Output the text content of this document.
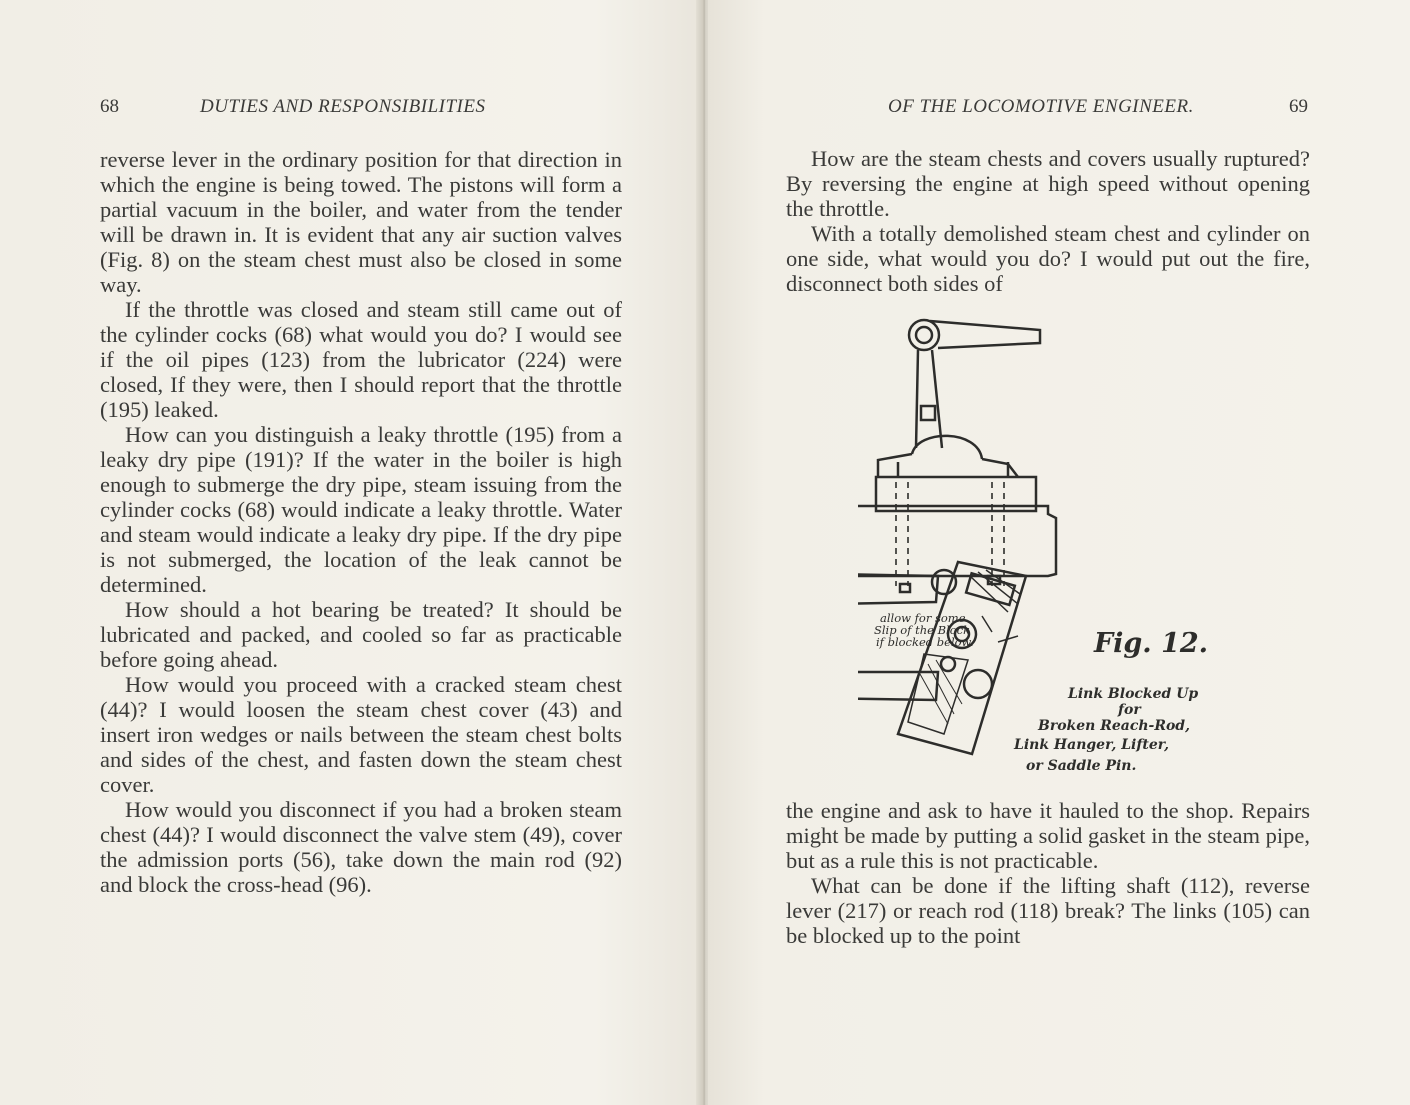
68	DUTIES AND RESPONSIBILITIES

reverse lever in the ordinary position for that direction in which the engine is being towed. The pistons will form a partial vacuum in the boiler, and water from the tender will be drawn in. It is evident that any air suction valves (Fig. 8) on the steam chest must also be closed in some way.

If the throttle was closed and steam still came out of the cylinder cocks (68) what would you do? I would see if the oil pipes (123) from the lubricator (224) were closed, If they were, then I should report that the throttle (195) leaked.

How can you distinguish a leaky throttle (195) from a leaky dry pipe (191)? If the water in the boiler is high enough to submerge the dry pipe, steam issuing from the cylinder cocks (68) would indicate a leaky throttle. Water and steam would indicate a leaky dry pipe. If the dry pipe is not submerged, the location of the leak cannot be determined.

How should a hot bearing be treated? It should be lubricated and packed, and cooled so far as practicable before going ahead.

How would you proceed with a cracked steam chest (44)? I would loosen the steam chest cover (43) and insert iron wedges or nails between the steam chest bolts and sides of the chest, and fasten down the steam chest cover.

How would you disconnect if you had a broken steam chest (44)? I would disconnect the valve stem (49), cover the admission ports (56), take down the main rod (92) and block the cross-head (96).

OF THE LOCOMOTIVE ENGINEER.	69

How are the steam chests and covers usually ruptured? By reversing the engine at high speed without opening the throttle.

With a totally demolished steam chest and cylinder on one side, what would you do? I would put out the fire, disconnect both sides of

Fig. 12.
allow for some
Slip of the Block
if blocked below.
Link Blocked Up
for
Broken Reach-Rod,
Link Hanger, Lifter,
or Saddle Pin.

the engine and ask to have it hauled to the shop. Repairs might be made by putting a solid gasket in the steam pipe, but as a rule this is not practicable.

What can be done if the lifting shaft (112), reverse lever (217) or reach rod (118) break? The links (105) can be blocked up to the point
